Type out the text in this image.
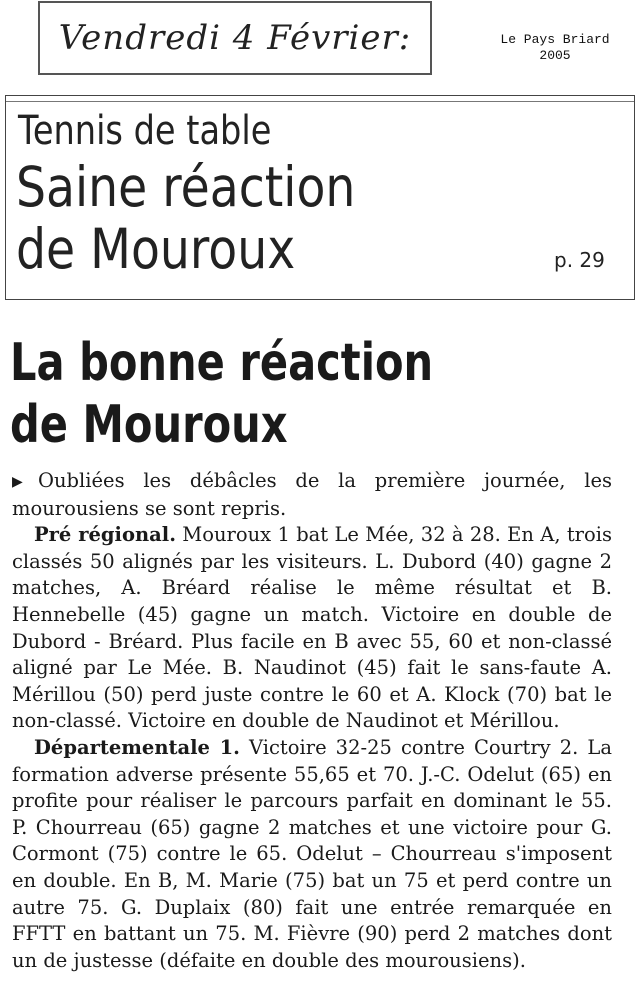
Vendredi 4 Février:	Le Pays Briard
2005
Tennis de table
Saine réaction
de Mouroux	p. 29
La bonne réaction
de Mouroux

▶ Oubliées les débâcles de la première journée, les mourousiens se sont repris.

Pré régional. Mouroux 1 bat Le Mée, 32 à 28. En A, trois classés 50 alignés par les visiteurs. L. Dubord (40) gagne 2 matches, A. Bréard réalise le même résultat et B. Hennebelle (45) gagne un match. Victoire en double de Dubord - Bréard. Plus facile en B avec 55, 60 et non-classé aligné par Le Mée. B. Naudinot (45) fait le sans-faute A. Mérillou (50) perd juste contre le 60 et A. Klock (70) bat le non-classé. Victoire en double de Naudinot et Mérillou.

Départementale 1. Victoire 32-25 contre Courtry 2. La formation adverse présente 55,65 et 70. J.-C. Odelut (65) en profite pour réaliser le parcours parfait en dominant le 55. P. Chourreau (65) gagne 2 matches et une victoire pour G. Cormont (75) contre le 65. Odelut – Chourreau s'imposent en double. En B, M. Marie (75) bat un 75 et perd contre un autre 75. G. Duplaix (80) fait une entrée remarquée en FFTT en battant un 75. M. Fièvre (90) perd 2 matches dont un de justesse (défaite en double des mourousiens).
